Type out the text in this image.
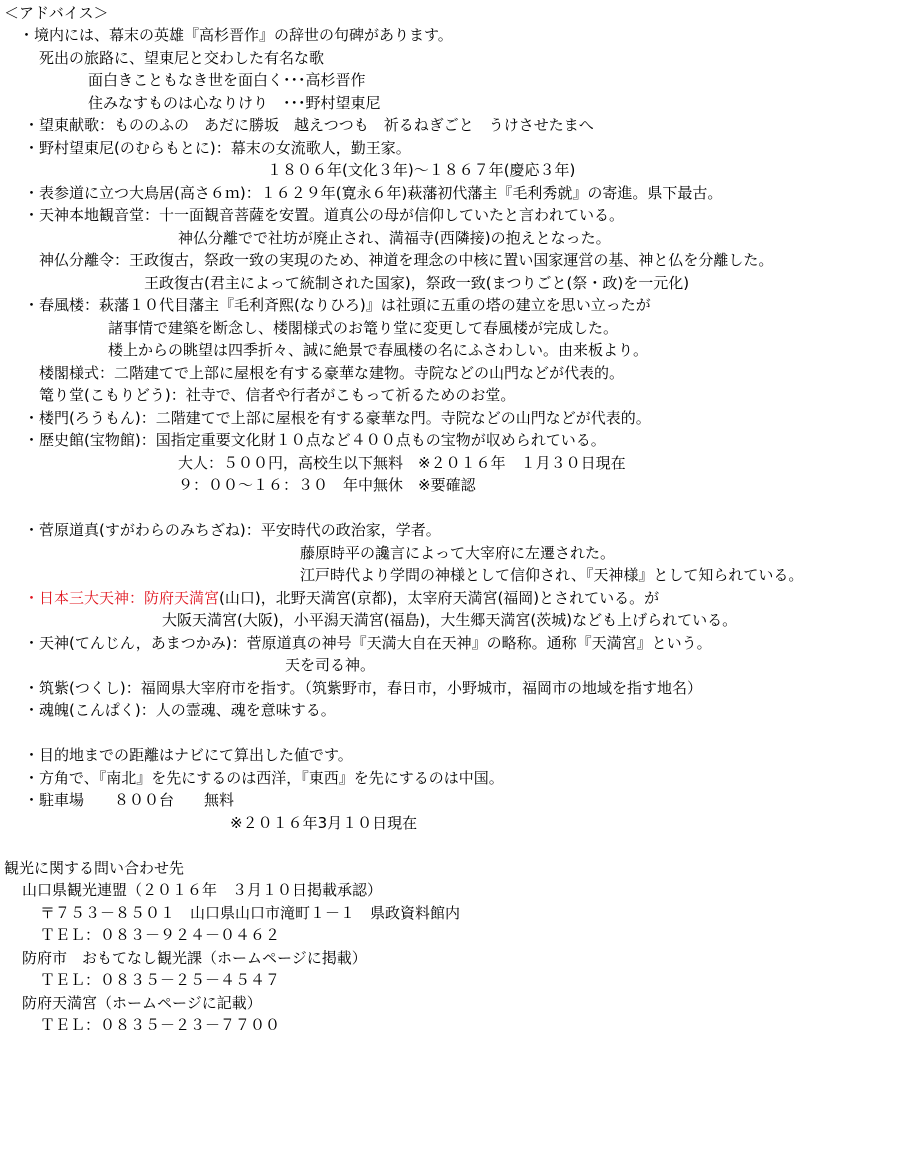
＜アドバイス＞
　・境内には、幕末の英雄『高杉晋作』の辞世の句碑があります。
死出の旅路に、望東尼と交わした有名な歌
面白きこともなき世を面白く･･･高杉晋作
住みなすものは心なりけり　･･･野村望東尼
・望東献歌：もののふの　あだに勝坂　越えつつも　祈るねぎごと　うけさせたまへ
・野村望東尼(のむらもとに)：幕末の女流歌人，勤王家。
１８０６年(文化３年)～１８６７年(慶応３年)
・表参道に立つ大鳥居(高さ６ｍ)：１６２９年(寛永６年)萩藩初代藩主『毛利秀就』の寄進。県下最古。
・天神本地観音堂：十一面観音菩薩を安置。道真公の母が信仰していたと言われている。
神仏分離でで社坊が廃止され、満福寺(西隣接)の抱えとなった。
神仏分離令：王政復古，祭政一致の実現のため、神道を理念の中核に置い国家運営の基、神と仏を分離した。
王政復古(君主によって統制された国家)，祭政一致(まつりごと(祭・政)を一元化)
・春風楼：萩藩１０代目藩主『毛利斉熙(なりひろ)』は社頭に五重の塔の建立を思い立ったが
諸事情で建築を断念し、楼閣様式のお篭り堂に変更して春風楼が完成した。
楼上からの眺望は四季折々、誠に絶景で春風楼の名にふさわしい。由来板より。
楼閣様式：二階建てで上部に屋根を有する豪華な建物。寺院などの山門などが代表的。
篭り堂(こもりどう)：社寺で、信者や行者がこもって祈るためのお堂。
・楼門(ろうもん)：二階建てで上部に屋根を有する豪華な門。寺院などの山門などが代表的。
・歴史館(宝物館)：国指定重要文化財１０点など４００点もの宝物が収められている。
大人：５００円，高校生以下無料　※２０１６年　１月３０日現在
９：００～１６：３０　年中無休　※要確認
・菅原道真(すがわらのみちざね)：平安時代の政治家，学者。
藤原時平の讒言によって大宰府に左遷された。
江戸時代より学問の神様として信仰され、『天神様』として知られている。
・日本三大天神：防府天満宮(山口)，北野天満宮(京都)，太宰府天満宮(福岡)とされている。が
大阪天満宮(大阪)，小平潟天満宮(福島)，大生郷天満宮(茨城)なども上げられている。
・天神(てんじん，あまつかみ)：菅原道真の神号『天満大自在天神』の略称。通称『天満宮』という。
天を司る神。
・筑紫(つくし)：福岡県大宰府市を指す。（筑紫野市，春日市，小野城市，福岡市の地域を指す地名）
・魂魄(こんぱく)：人の霊魂、魂を意味する。
・目的地までの距離はナビにて算出した値です。
・方角で、『南北』を先にするのは西洋，『東西』を先にするのは中国。
・駐車場　　８００台　　無料
※２０１６年3月１０日現在
観光に関する問い合わせ先
山口県観光連盟（２０１６年　３月１０日掲載承認）
〒７５３－８５０１　山口県山口市滝町１－１　県政資料館内
ＴＥＬ：０８３－９２４－０４６２
防府市　おもてなし観光課（ホームページに掲載）
ＴＥＬ：０８３５－２５－４５４７
防府天満宮（ホームページに記載）
ＴＥＬ：０８３５－２３－７７００
